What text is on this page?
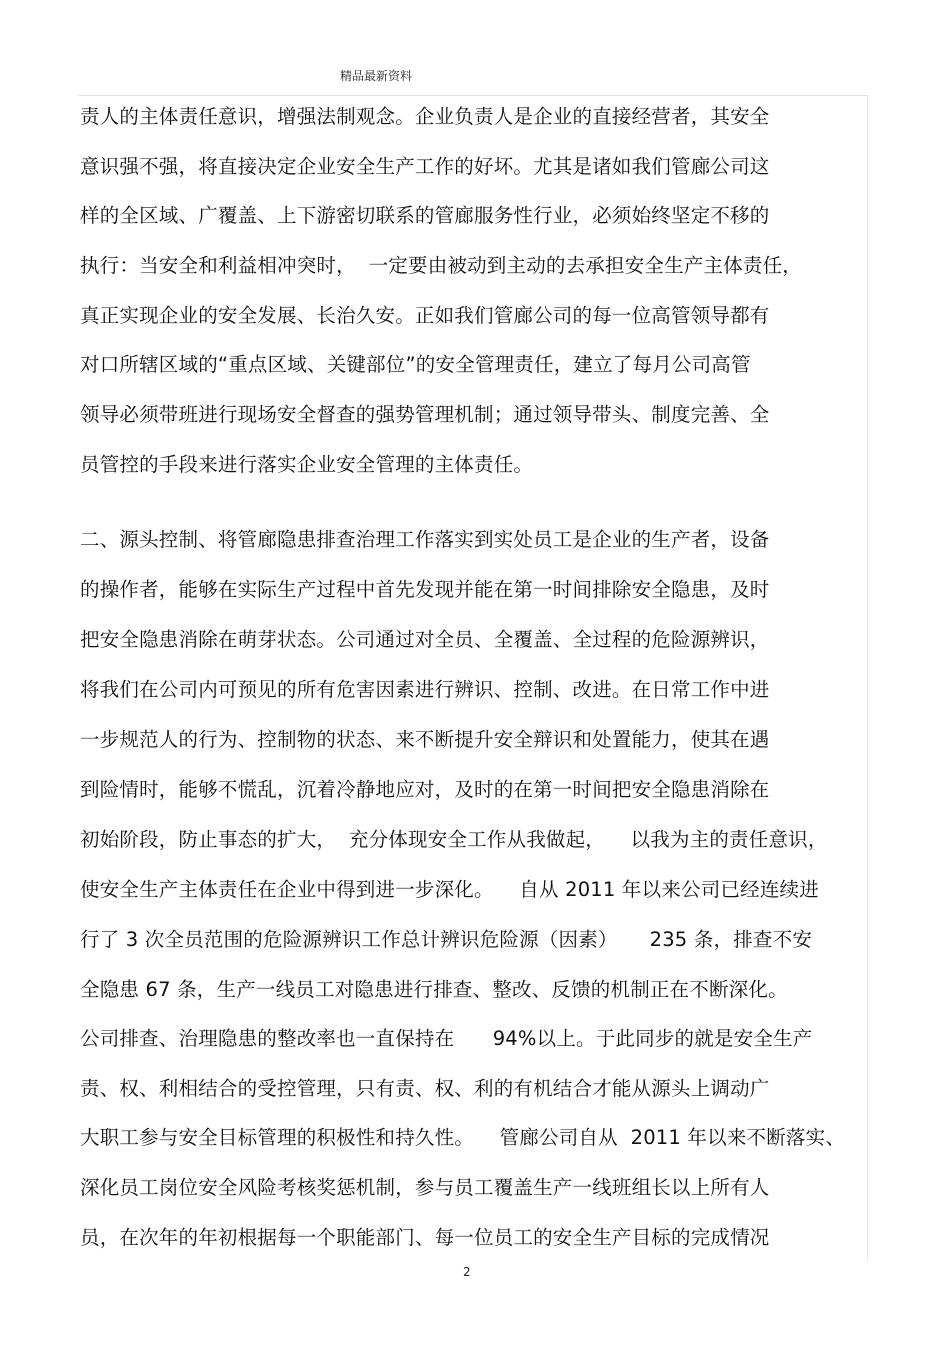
精品最新资料
责人的主体责任意识，增强法制观念。企业负责人是企业的直接经营者，其安全
意识强不强，将直接决定企业安全生产工作的好坏。尤其是诸如我们管廊公司这
样的全区域、广覆盖、上下游密切联系的管廊服务性行业，必须始终坚定不移的
执行：当安全和利益相冲突时，  一定要由被动到主动的去承担安全生产主体责任，
真正实现企业的安全发展、长治久安。正如我们管廊公司的每一位高管领导都有
对口所辖区域的“重点区域、关键部位”的安全管理责任，建立了每月公司高管
领导必须带班进行现场安全督查的强势管理机制；通过领导带头、制度完善、全
员管控的手段来进行落实企业安全管理的主体责任。
二、源头控制、将管廊隐患排查治理工作落实到实处员工是企业的生产者，设备
的操作者，能够在实际生产过程中首先发现并能在第一时间排除安全隐患，及时
把安全隐患消除在萌芽状态。公司通过对全员、全覆盖、全过程的危险源辨识，
将我们在公司内可预见的所有危害因素进行辨识、控制、改进。在日常工作中进
一步规范人的行为、控制物的状态、来不断提升安全辩识和处置能力，使其在遇
到险情时，能够不慌乱，沉着冷静地应对，及时的在第一时间把安全隐患消除在
初始阶段，防止事态的扩大，  充分体现安全工作从我做起，    以我为主的责任意识，
使安全生产主体责任在企业中得到进一步深化。    自从 2011 年以来公司已经连续进
行了 3 次全员范围的危险源辨识工作总计辨识危险源（因素）     235 条，排查不安
全隐患 67 条，生产一线员工对隐患进行排查、整改、反馈的机制正在不断深化。
公司排查、治理隐患的整改率也一直保持在      94%以上。于此同步的就是安全生产
责、权、利相结合的受控管理，只有责、权、利的有机结合才能从源头上调动广
大职工参与安全目标管理的积极性和持久性。    管廊公司自从  2011 年以来不断落实、
深化员工岗位安全风险考核奖惩机制，参与员工覆盖生产一线班组长以上所有人
员，在次年的年初根据每一个职能部门、每一位员工的安全生产目标的完成情况
2
